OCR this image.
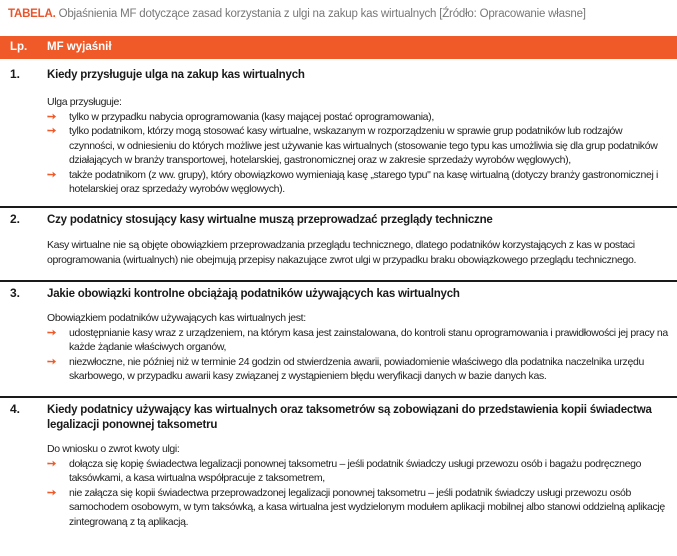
TABELA. Objaśnienia MF dotyczące zasad korzystania z ulgi na zakup kas wirtualnych [Źródło: Opracowanie własne]
Lp. MF wyjaśnił
1. Kiedy przysługuje ulga na zakup kas wirtualnych
Ulga przysługuje:
➙ tylko w przypadku nabycia oprogramowania (kasy mającej postać oprogramowania),
➙ tylko podatnikom, którzy mogą stosować kasy wirtualne, wskazanym w rozporządzeniu w sprawie grup podatników lub rodzajów czynności, w odniesieniu do których możliwe jest używanie kas wirtualnych (stosowanie tego typu kas umożliwia się dla grup podatników działających w branży transportowej, hotelarskiej, gastronomicznej oraz w zakresie sprzedaży wyrobów węglowych),
➙ także podatnikom (z ww. grupy), który obowiązkowo wymieniają kasę „starego typu" na kasę wirtualną (dotyczy branży gastronomicznej i hotelarskiej oraz sprzedaży wyrobów węglowych).
2. Czy podatnicy stosujący kasy wirtualne muszą przeprowadzać przeglądy techniczne
Kasy wirtualne nie są objęte obowiązkiem przeprowadzania przeglądu technicznego, dlatego podatników korzystających z kas w postaci oprogramowania (wirtualnych) nie obejmują przepisy nakazujące zwrot ulgi w przypadku braku obowiązkowego przeglądu technicznego.
3. Jakie obowiązki kontrolne obciążają podatników używających kas wirtualnych
Obowiązkiem podatników używających kas wirtualnych jest:
➙ udostępnianie kasy wraz z urządzeniem, na którym kasa jest zainstalowana, do kontroli stanu oprogramowania i prawidłowości jej pracy na każde żądanie właściwych organów,
➙ niezwłoczne, nie później niż w terminie 24 godzin od stwierdzenia awarii, powiadomienie właściwego dla podatnika naczelnika urzędu skarbowego, w przypadku awarii kasy związanej z wystąpieniem błędu weryfikacji danych w bazie danych kas.
4. Kiedy podatnicy używający kas wirtualnych oraz taksometrów są zobowiązani do przedstawienia kopii świadectwa legalizacji ponownej taksometru
Do wniosku o zwrot kwoty ulgi:
➙ dołącza się kopię świadectwa legalizacji ponownej taksometru – jeśli podatnik świadczy usługi przewozu osób i bagażu podręcznego taksówkami, a kasa wirtualna współpracuje z taksometrem,
➙ nie załącza się kopii świadectwa przeprowadzonej legalizacji ponownej taksometru – jeśli podatnik świadczy usługi przewozu osób samochodem osobowym, w tym taksówką, a kasa wirtualna jest wydzielonym modułem aplikacji mobilnej albo stanowi oddzielną aplikację zintegrowaną z tą aplikacją.
